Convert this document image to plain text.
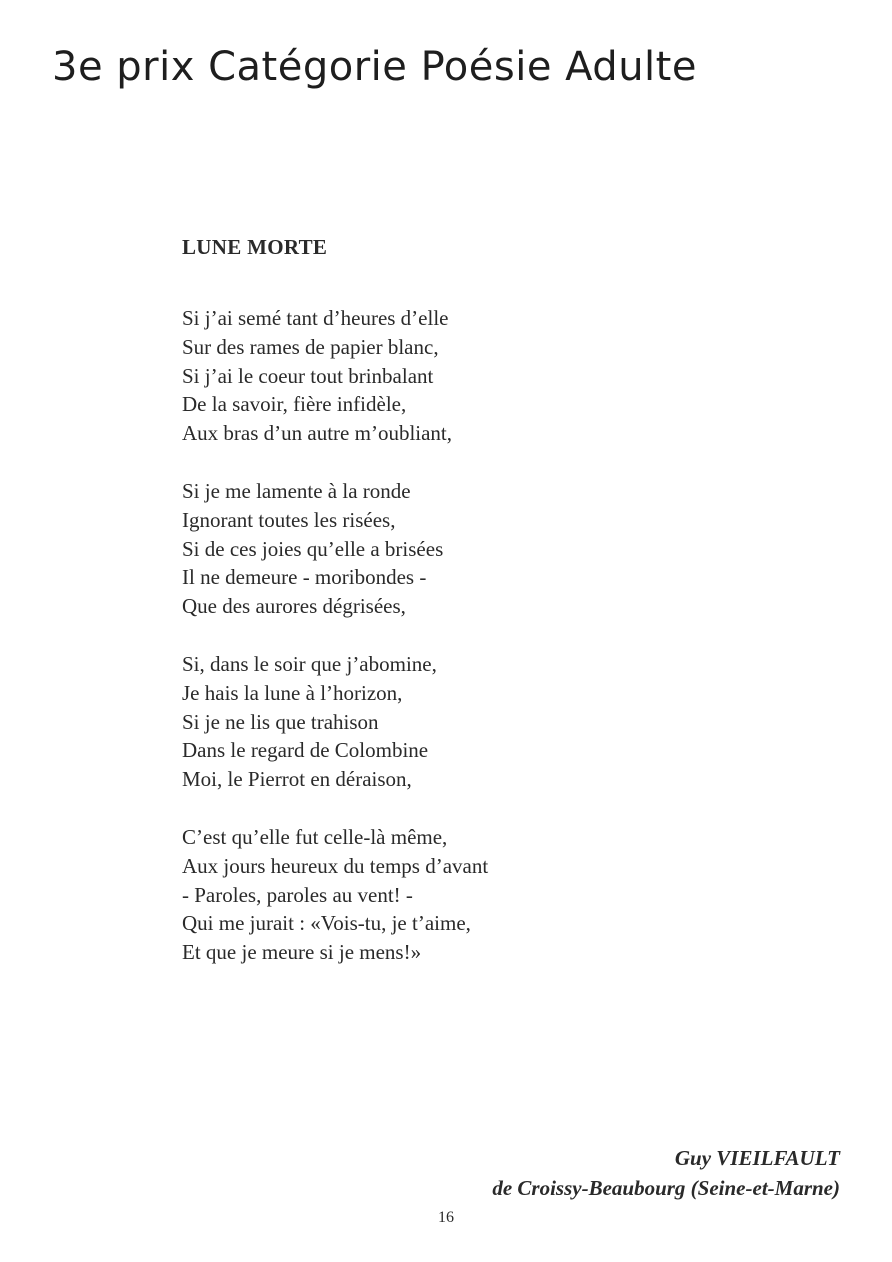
3e prix Catégorie Poésie Adulte
LUNE MORTE
Si j’ai semé tant d’heures d’elle
Sur des rames de papier blanc,
Si j’ai le coeur tout brinbalant
De la savoir, fière infidèle,
Aux bras d’un autre m’oubliant,
Si je me lamente à la ronde
Ignorant toutes les risées,
Si de ces joies qu’elle a brisées
Il ne demeure - moribondes -
Que des aurores dégrisées,
Si, dans le soir que j’abomine,
Je hais la lune à l’horizon,
Si je ne lis que trahison
Dans le regard de Colombine
Moi, le Pierrot en déraison,
C’est qu’elle fut celle-là même,
Aux jours heureux du temps d’avant
- Paroles, paroles au vent! -
Qui me jurait : «Vois-tu, je t’aime,
Et que je meure si je mens!»
Guy VIEILFAULT
de Croissy-Beaubourg (Seine-et-Marne)
16
